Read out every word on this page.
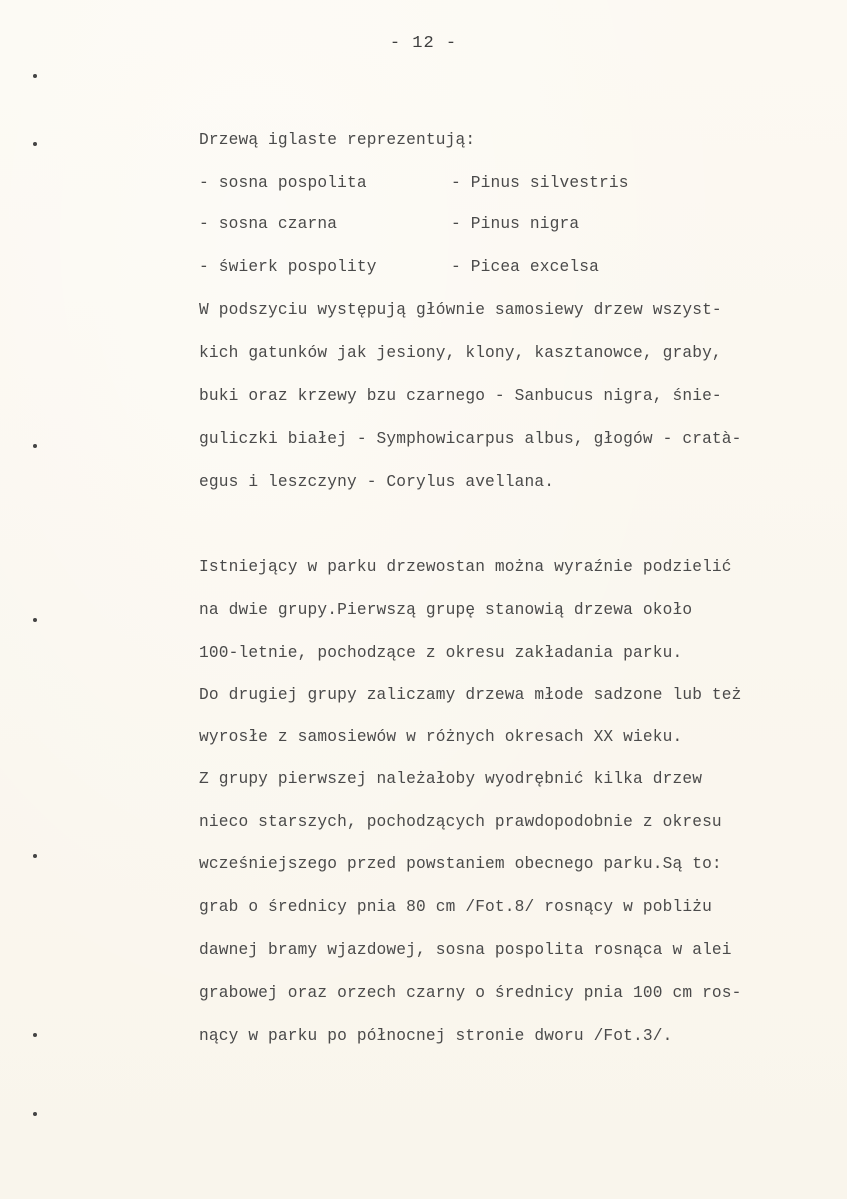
- 12 -
Drzewą iglaste reprezentują:
- sosna pospolita	- Pinus silvestris
- sosna czarna	- Pinus nigra
- świerk pospolity	- Picea excelsa
W podszyciu występują głównie samosiewy drzew wszyst-
kich gatunków jak jesiony, klony, kasztanowce, graby,
buki oraz krzewy bzu czarnego - Sanbucus nigra, śnie-
guliczki białej - Symphowicarpus albus, głogów - cratà-
egus i leszczyny - Corylus avellana.
Istniejący w parku drzewostan można wyraźnie podzielić
na dwie grupy.Pierwszą grupę stanowią drzewa około
100-letnie, pochodzące z okresu zakładania parku.
Do drugiej grupy zaliczamy drzewa młode sadzone lub też
wyrosłe z samosiewów w różnych okresach XX wieku.
Z grupy pierwszej należałoby wyodrębnić kilka drzew
nieco starszych, pochodzących prawdopodobnie z okresu
wcześniejszego przed powstaniem obecnego parku.Są to:
grab o średnicy pnia 80 cm /Fot.8/ rosnący w pobliżu
dawnej bramy wjazdowej, sosna pospolita rosnąca w alei
grabowej oraz orzech czarny o średnicy pnia 100 cm ros-
nący w parku po północnej stronie dworu /Fot.3/.
